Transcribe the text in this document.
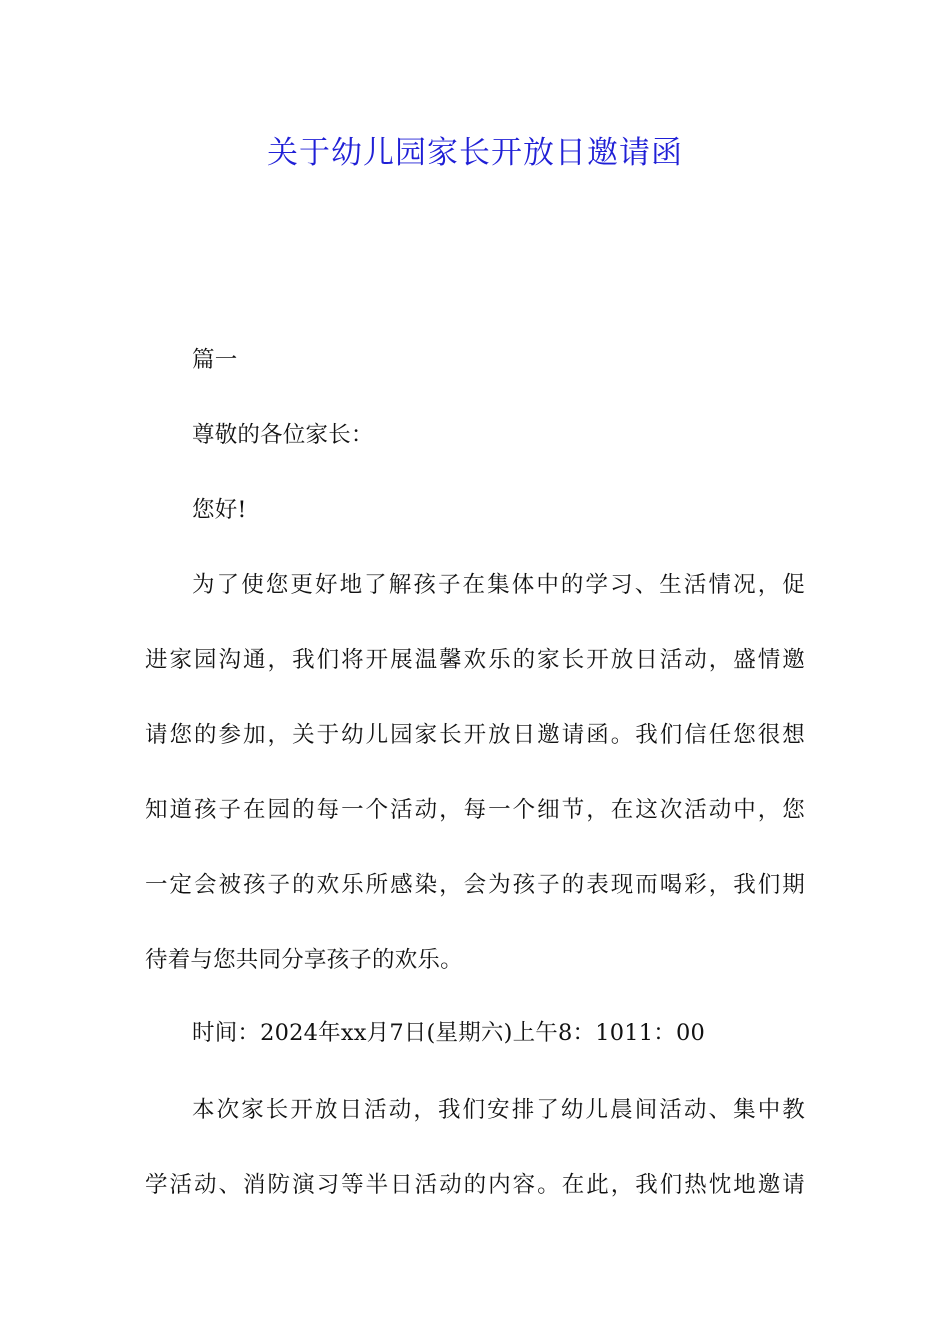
关于幼儿园家长开放日邀请函
篇一
尊敬的各位家长：
您好!
为了使您更好地了解孩子在集体中的学习、生活情况，促
进家园沟通，我们将开展温馨欢乐的家长开放日活动，盛情邀
请您的参加，关于幼儿园家长开放日邀请函。我们信任您很想
知道孩子在园的每一个活动，每一个细节，在这次活动中，您
一定会被孩子的欢乐所感染，会为孩子的表现而喝彩，我们期
待着与您共同分享孩子的欢乐。
时间：2024年xx月7日(星期六)上午8：1011：00
本次家长开放日活动，我们安排了幼儿晨间活动、集中教
学活动、消防演习等半日活动的内容。在此，我们热忱地邀请
